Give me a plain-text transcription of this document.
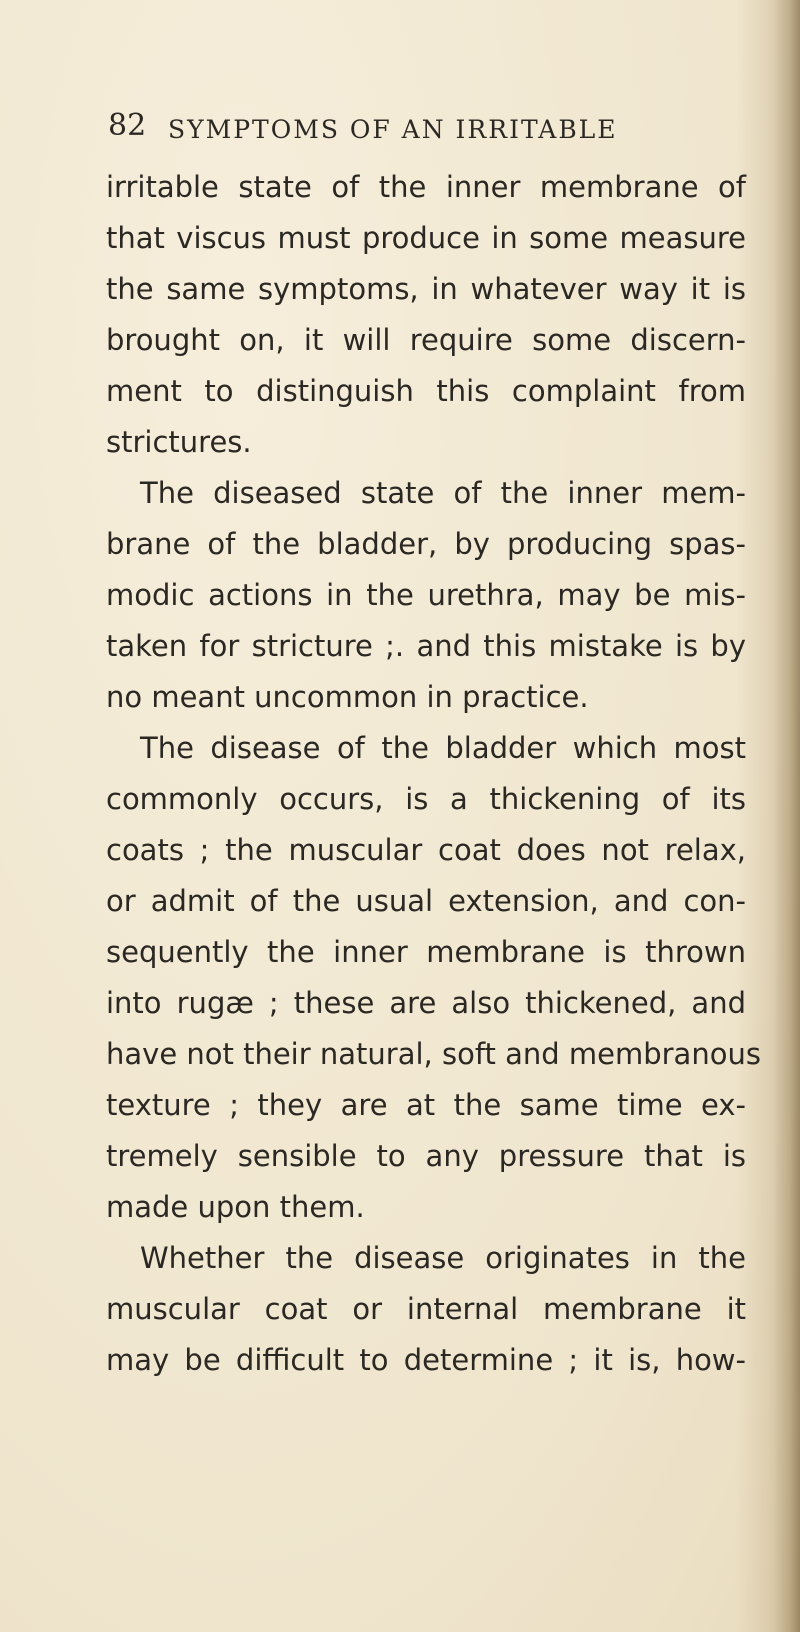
82 SYMPTOMS OF AN IRRITABLE
irritable state of the inner membrane of
that viscus must produce in some measure
the same symptoms, in whatever way it is
brought on, it will require some discern-
ment to distinguish this complaint from
strictures.
The diseased state of the inner mem-
brane of the bladder, by producing spas-
modic actions in the urethra, may be mis-
taken for stricture ;. and this mistake is by
no meant uncommon in practice.
The disease of the bladder which most
commonly occurs, is a thickening of its
coats ; the muscular coat does not relax,
or admit of the usual extension, and con-
sequently the inner membrane is thrown
into rugæ ; these are also thickened, and
have not their natural, soft and membranous
texture ; they are at the same time ex-
tremely sensible to any pressure that is
made upon them.
Whether the disease originates in the
muscular coat or internal membrane it
may be difficult to determine ; it is, how-
